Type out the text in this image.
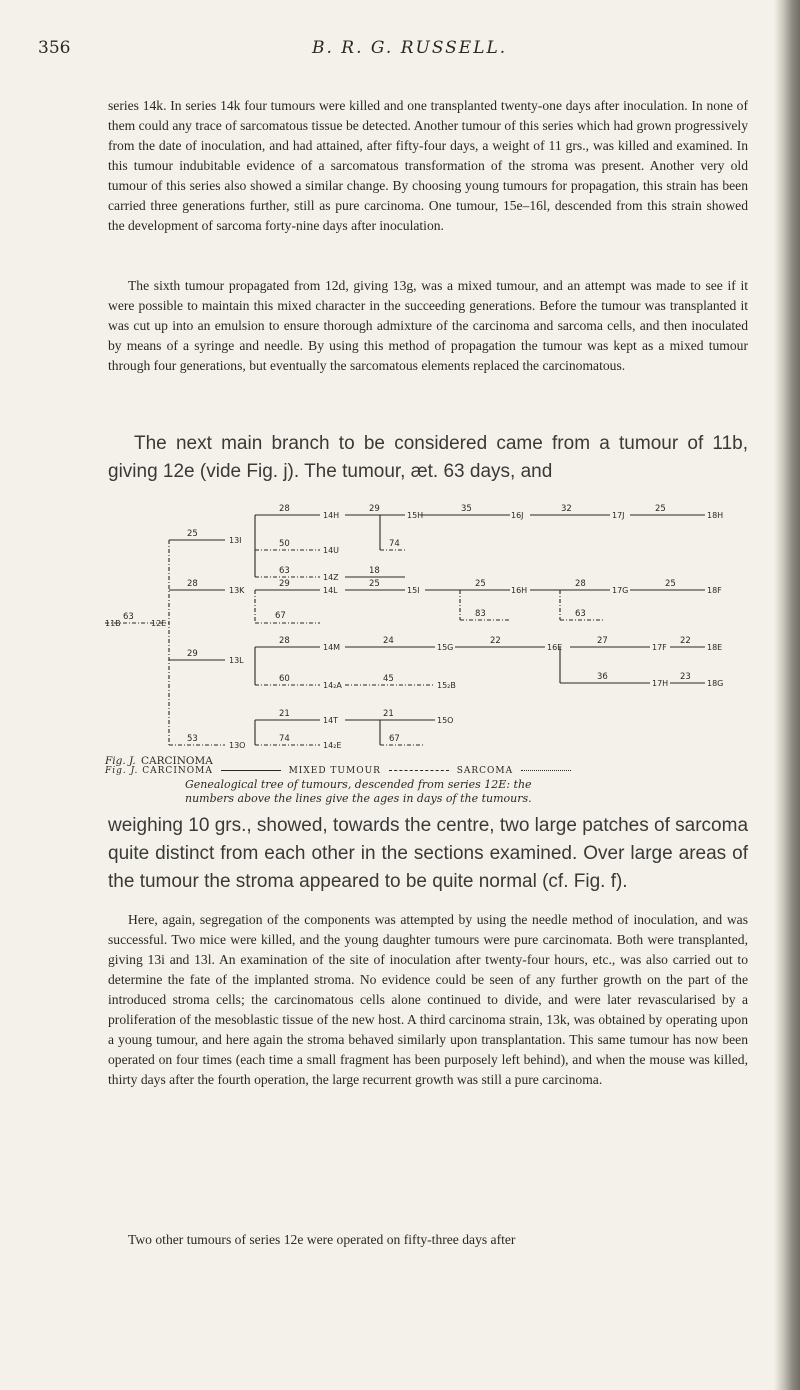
356	B. R. G. RUSSELL.

series 14k. In series 14k four tumours were killed and one transplanted twenty-one days after inoculation. In none of them could any trace of sarcomatous tissue be detected. Another tumour of this series which had grown progressively from the date of inoculation, and had attained, after fifty-four days, a weight of 11 grs., was killed and examined. In this tumour indubitable evidence of a sarcomatous transformation of the stroma was present. Another very old tumour of this series also showed a similar change. By choosing young tumours for propagation, this strain has been carried three generations further, still as pure carcinoma. One tumour, 15e–16l, descended from this strain showed the development of sarcoma forty-nine days after inoculation.

The sixth tumour propagated from 12d, giving 13g, was a mixed tumour, and an attempt was made to see if it were possible to maintain this mixed character in the succeeding generations. Before the tumour was transplanted it was cut up into an emulsion to ensure thorough admixture of the carcinoma and sarcoma cells, and then inoculated by means of a syringe and needle. By using this method of propagation the tumour was kept as a mixed tumour through four generations, but eventually the sarcomatous elements replaced the carcinomatous.

The next main branch to be considered came from a tumour of 11b, giving 12e (vide Fig. j). The tumour, æt. 63 days, and

11B	12E
13I
13K
13L
13O
14H
14U
14Z
14L
14M
14₂A
14T
14₂E
15H
15I
15G
15₂B
15O
16J
16H
16E
17J
17G
17F
17H
18H
18F
18E
18G
63
25
28
29
53
28
50
63
29
67
28
60
21
74
29
74
18
25
24
45
21
67
35
25
83
22
32
28
63
27
36
25
25
22
23
Fig. J. CARCINOMA
Fig. J. CARCINOMA	MIXED TUMOUR	SARCOMA
Genealogical tree of tumours, descended from series 12E: the
numbers above the lines give the ages in days of the tumours.

weighing 10 grs., showed, towards the centre, two large patches of sarcoma quite distinct from each other in the sections examined. Over large areas of the tumour the stroma appeared to be quite normal (cf. Fig. f).

Here, again, segregation of the components was attempted by using the needle method of inoculation, and was successful. Two mice were killed, and the young daughter tumours were pure carcinomata. Both were transplanted, giving 13i and 13l. An examination of the site of inoculation after twenty-four hours, etc., was also carried out to determine the fate of the implanted stroma. No evidence could be seen of any further growth on the part of the introduced stroma cells; the carcinomatous cells alone continued to divide, and were later revascularised by a proliferation of the mesoblastic tissue of the new host. A third carcinoma strain, 13k, was obtained by operating upon a young tumour, and here again the stroma behaved similarly upon transplantation. This same tumour has now been operated on four times (each time a small fragment has been purposely left behind), and when the mouse was killed, thirty days after the fourth operation, the large recurrent growth was still a pure carcinoma.

Two other tumours of series 12e were operated on fifty-three days after
